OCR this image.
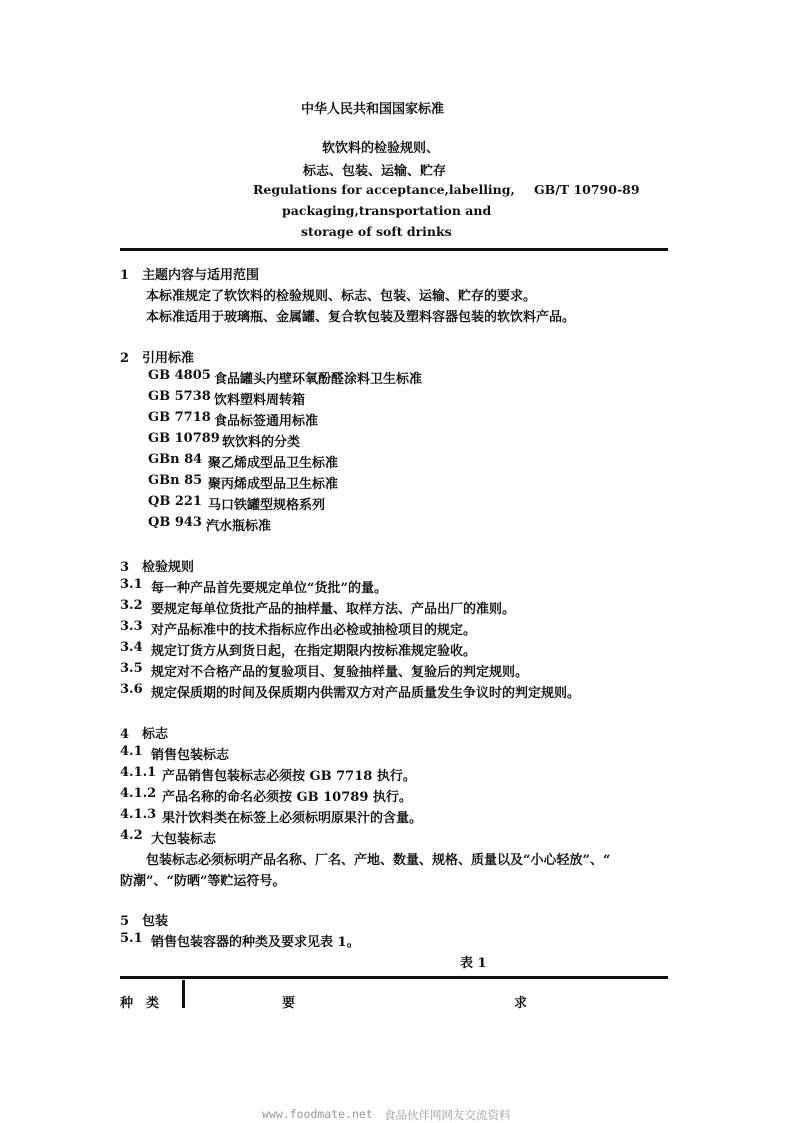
中华人民共和国国家标准
软饮料的检验规则、
标志、包装、运输、贮存
Regulations for acceptance,labelling,
packaging,transportation and
storage of soft drinks
GB/T 10790-89
1　主题内容与适用范围
本标准规定了软饮料的检验规则、标志、包装、运输、贮存的要求。
本标准适用于玻璃瓶、金属罐、复合软包装及塑料容器包装的软饮料产品。
2　引用标准
GB 4805 食品罐头内壁环氧酚醛涂料卫生标准
GB 5738 饮料塑料周转箱
GB 7718 食品标签通用标准
GB 10789 软饮料的分类
GBn 84 聚乙烯成型品卫生标准
GBn 85 聚丙烯成型品卫生标准
QB 221 马口铁罐型规格系列
QB 943 汽水瓶标准
3　检验规则
3.1 每一种产品首先要规定单位“货批”的量。
3.2 要规定每单位货批产品的抽样量、取样方法、产品出厂的准则。
3.3 对产品标准中的技术指标应作出必检或抽检项目的规定。
3.4 规定订货方从到货日起，在指定期限内按标准规定验收。
3.5 规定对不合格产品的复验项目、复验抽样量、复验后的判定规则。
3.6 规定保质期的时间及保质期内供需双方对产品质量发生争议时的判定规则。
4　标志
4.1 销售包装标志
4.1.1 产品销售包装标志必须按 GB 7718 执行。
4.1.2 产品名称的命名必须按 GB 10789 执行。
4.1.3 果汁饮料类在标签上必须标明原果汁的含量。
4.2 大包装标志
包装标志必须标明产品名称、厂名、产地、数量、规格、质量以及“小心轻放”、“
防潮”、“防晒”等贮运符号。
5　包装
5.1 销售包装容器的种类及要求见表 1。
表 1
种　类	要	求
www.foodmate.net 食品伙伴网网友交流资料
